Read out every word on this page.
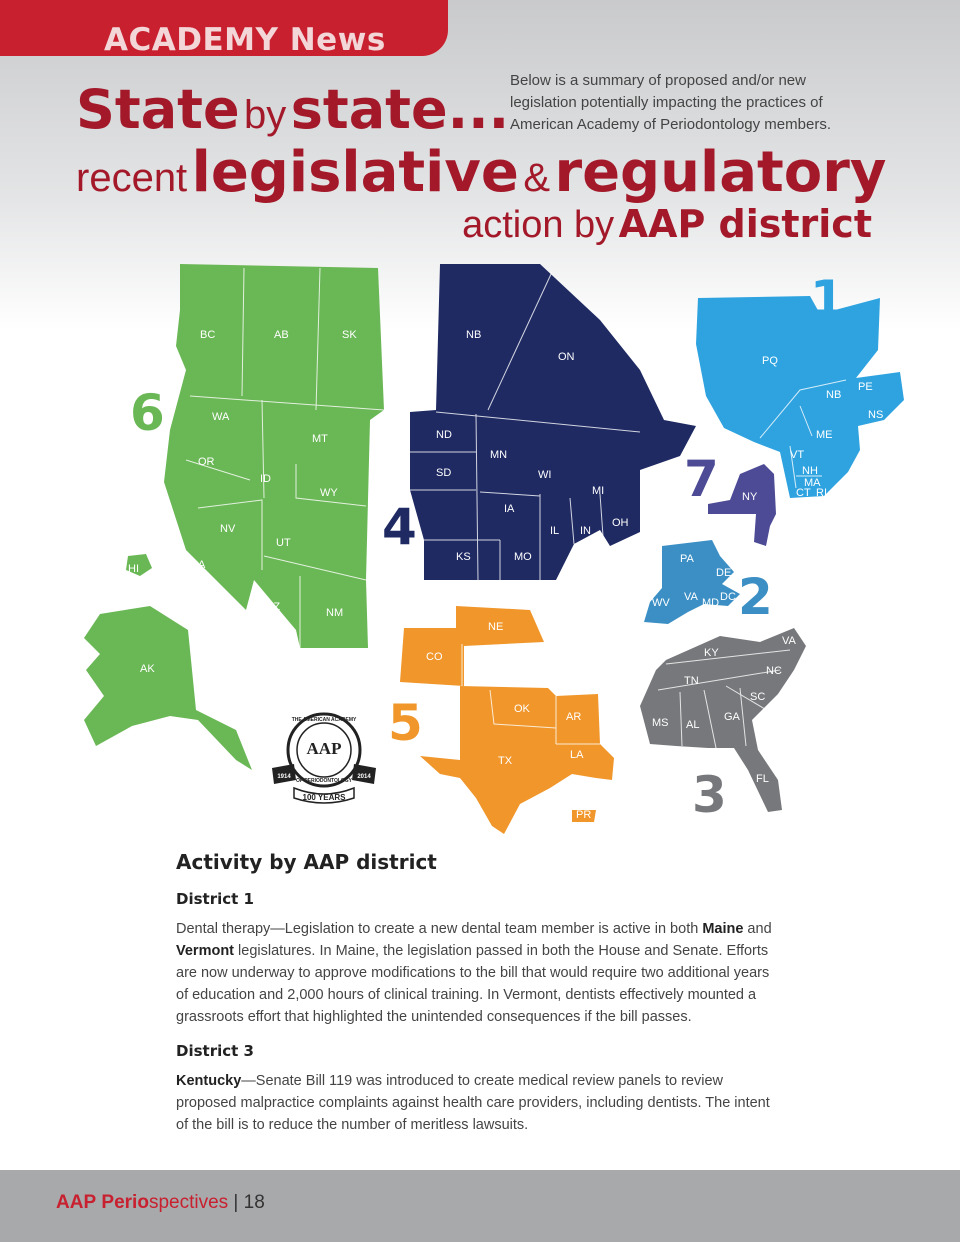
ACADEMY News
State by state...
recent legislative & regulatory
action by AAP district
Below is a summary of proposed and/or new legislation potentially impacting the practices of American Academy of Periodontology members.
BC	AB	SK
WA
MT
OR
ID
WY
NV
UT
CA
AZ	NM
HI
AK
6
NB
ON
ND
MN
SD	WI
MI
IA
IL IN
OH
KS	MO
4
PQ
NB
PE
NS
ME
VT
NH
MA
CT RI
1
NY
NJ
7
PA
DE
WV VA MD DC 2
KY
VA
NC
TN
SC
MS AL
GA
FL
3
NE
CO
OK
AR
TX	LA
PR
5
THE AMERICAN ACADEMY
AAP
OF PERIODONTOLOGY
1914	2014
100 YEARS
Activity by AAP district
District 1

Dental therapy—Legislation to create a new dental team member is active in both Maine and Vermont legislatures. In Maine, the legislation passed in both the House and Senate. Efforts are now underway to approve modifications to the bill that would require two additional years of education and 2,000 hours of clinical training. In Vermont, dentists effectively mounted a grassroots effort that highlighted the unintended consequences if the bill passes.

District 3

Kentucky—Senate Bill 119 was introduced to create medical review panels to review proposed malpractice complaints against health care providers, including dentists. The intent of the bill is to reduce the number of meritless lawsuits.

AAP Periospectives | 18
